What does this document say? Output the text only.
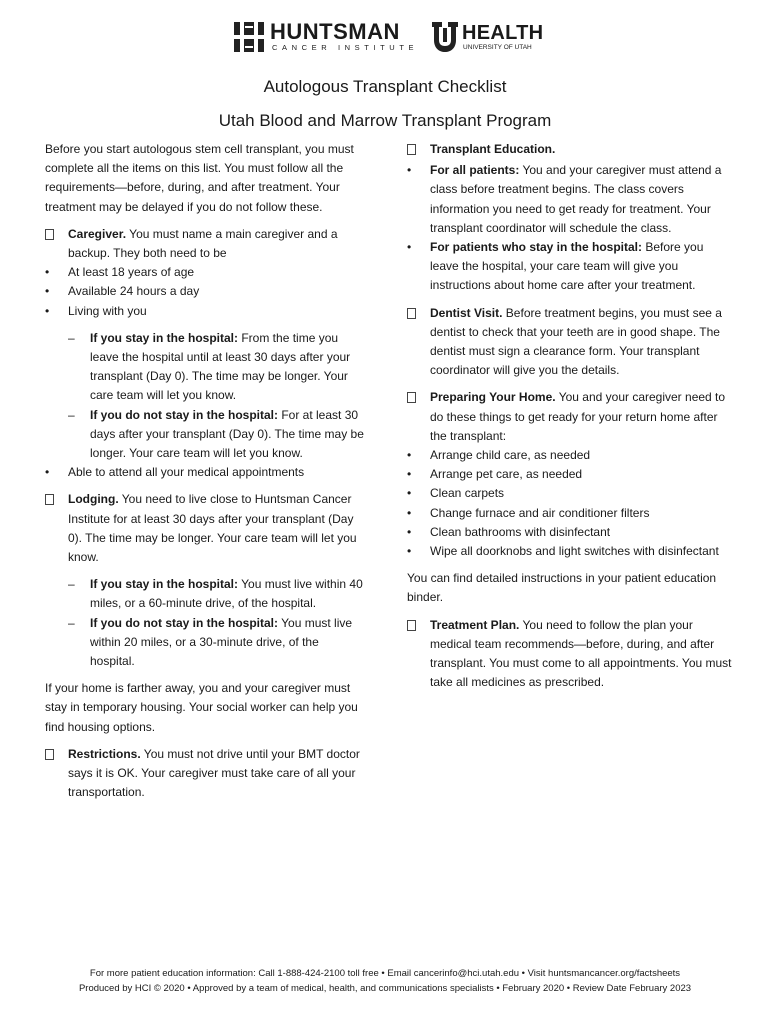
HUNTSMAN
CANCER INSTITUTE
HEALTH
UNIVERSITY OF UTAH
Autologous Transplant Checklist
Utah Blood and Marrow Transplant Program

Before you start autologous stem cell transplant, you must complete all the items on this list. You must follow all the requirements—before, during, and after treatment. Your treatment may be delayed if you do not follow these.

Caregiver. You must name a main caregiver and a backup. They both need to be
•
At least 18 years of age
•
Available 24 hours a day
•
Living with you
–
If you stay in the hospital: From the time you leave the hospital until at least 30 days after your transplant (Day 0). The time may be longer. Your care team will let you know.
–
If you do not stay in the hospital: For at least 30 days after your transplant (Day 0). The time may be longer. Your care team will let you know.
•
Able to attend all your medical appointments
Lodging. You need to live close to Huntsman Cancer Institute for at least 30 days after your transplant (Day 0). The time may be longer. Your care team will let you know.
–
If you stay in the hospital: You must live within 40 miles, or a 60-minute drive, of the hospital.
–
If you do not stay in the hospital: You must live within 20 miles, or a 30-minute drive, of the hospital.

If your home is farther away, you and your caregiver must stay in temporary housing. Your social worker can help you find housing options.

Restrictions. You must not drive until your BMT doctor says it is OK. Your caregiver must take care of all your transportation.
Transplant Education.
•
For all patients: You and your caregiver must attend a class before treatment begins. The class covers information you need to get ready for treatment. Your transplant coordinator will schedule the class.
•
For patients who stay in the hospital: Before you leave the hospital, your care team will give you instructions about home care after your treatment.
Dentist Visit. Before treatment begins, you must see a dentist to check that your teeth are in good shape. The dentist must sign a clearance form. Your transplant coordinator will give you the details.
Preparing Your Home. You and your caregiver need to do these things to get ready for your return home after the transplant:
•
Arrange child care, as needed
•
Arrange pet care, as needed
•
Clean carpets
•
Change furnace and air conditioner filters
•
Clean bathrooms with disinfectant
•
Wipe all doorknobs and light switches with disinfectant

You can find detailed instructions in your patient education binder.

Treatment Plan. You need to follow the plan your medical team recommends—before, during, and after transplant. You must come to all appointments. You must take all medicines as prescribed.
For more patient education information: Call 1-888-424-2100 toll free • Email cancerinfo@hci.utah.edu • Visit huntsmancancer.org/factsheets
Produced by HCI © 2020 • Approved by a team of medical, health, and communications specialists • February 2020 • Review Date February 2023
